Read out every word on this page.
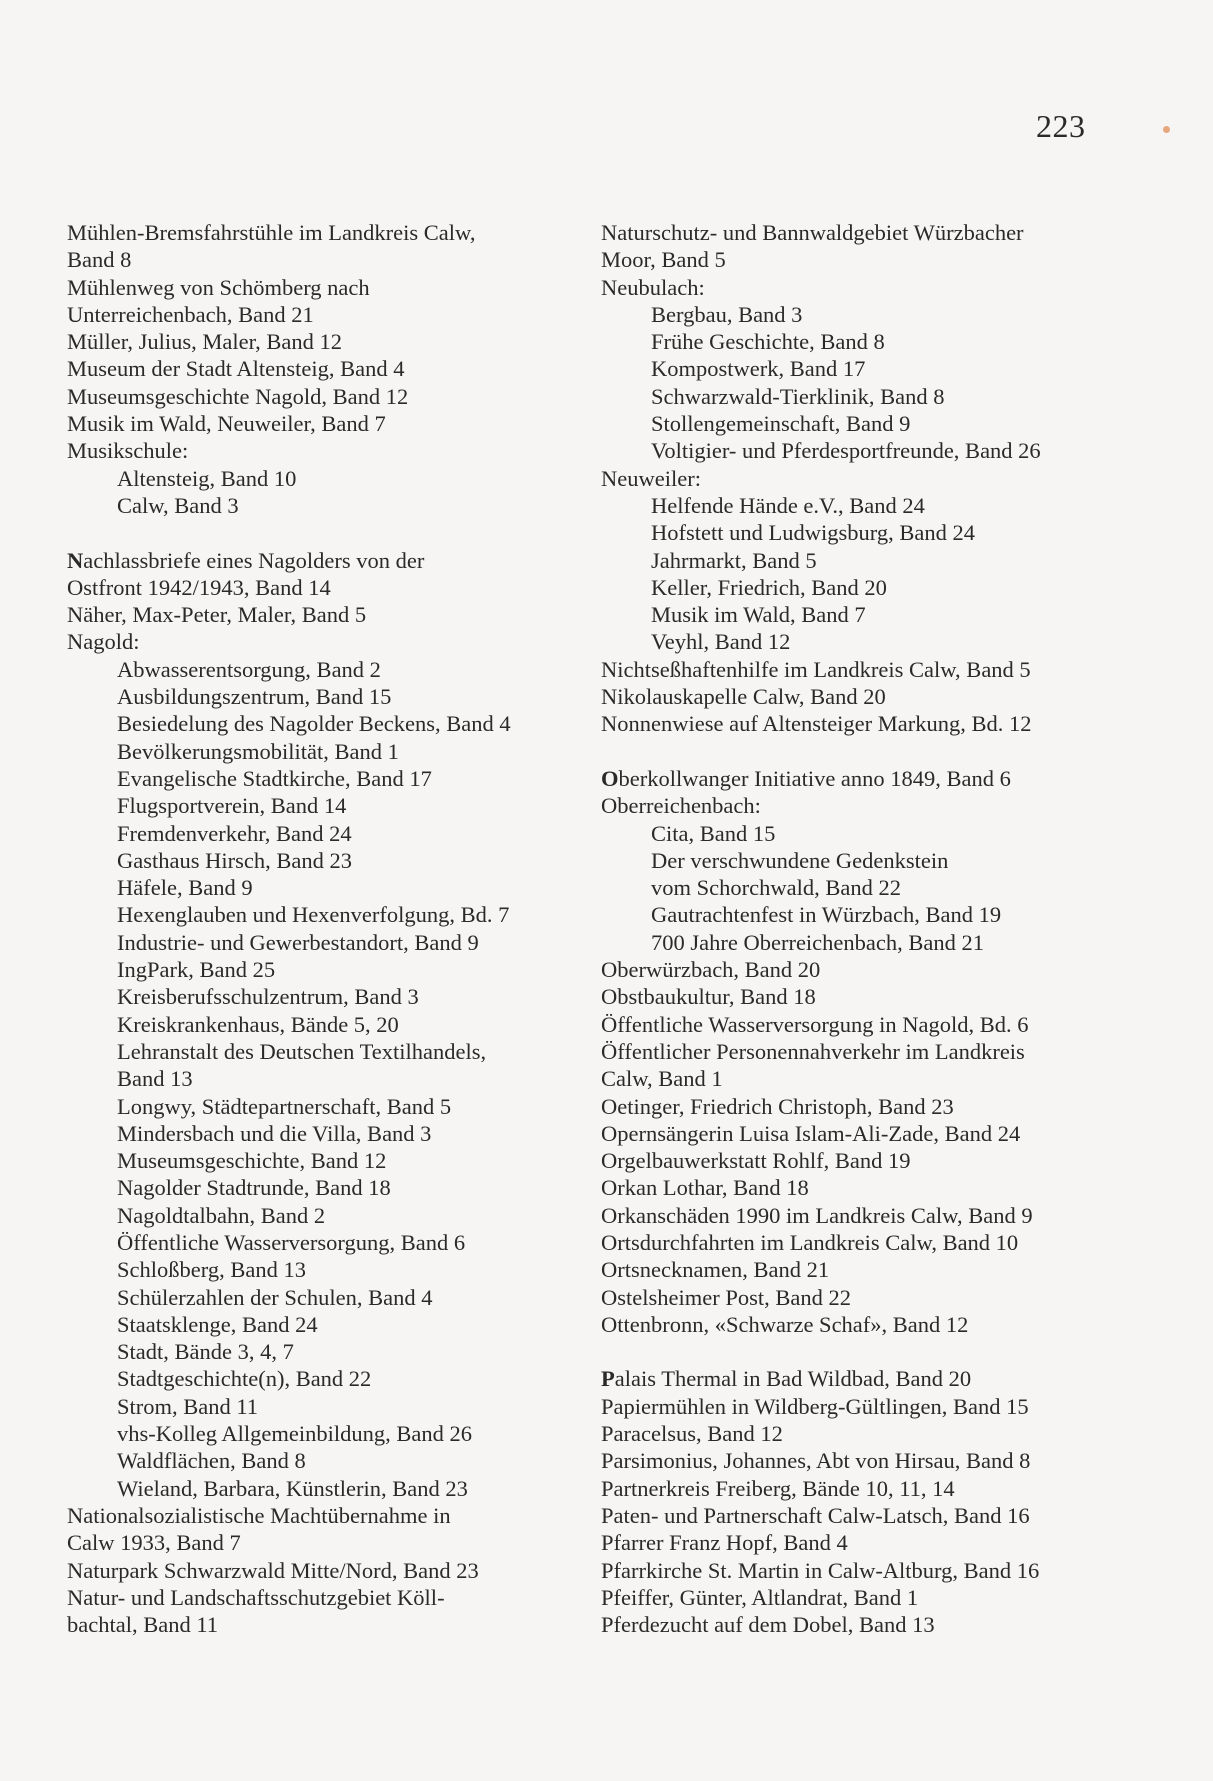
223
Mühlen-Bremsfahrstühle im Landkreis Calw,
Band 8
Mühlenweg von Schömberg nach
Unterreichenbach, Band 21
Müller, Julius, Maler, Band 12
Museum der Stadt Altensteig, Band 4
Museumsgeschichte Nagold, Band 12
Musik im Wald, Neuweiler, Band 7
Musikschule:
Altensteig, Band 10
Calw, Band 3
Nachlassbriefe eines Nagolders von der
Ostfront 1942/1943, Band 14
Näher, Max-Peter, Maler, Band 5
Nagold:
Abwasserentsorgung, Band 2
Ausbildungszentrum, Band 15
Besiedelung des Nagolder Beckens, Band 4
Bevölkerungsmobilität, Band 1
Evangelische Stadtkirche, Band 17
Flugsportverein, Band 14
Fremdenverkehr, Band 24
Gasthaus Hirsch, Band 23
Häfele, Band 9
Hexenglauben und Hexenverfolgung, Bd. 7
Industrie- und Gewerbestandort, Band 9
IngPark, Band 25
Kreisberufsschulzentrum, Band 3
Kreiskrankenhaus, Bände 5, 20
Lehranstalt des Deutschen Textilhandels,
Band 13
Longwy, Städtepartnerschaft, Band 5
Mindersbach und die Villa, Band 3
Museumsgeschichte, Band 12
Nagolder Stadtrunde, Band 18
Nagoldtalbahn, Band 2
Öffentliche Wasserversorgung, Band 6
Schloßberg, Band 13
Schülerzahlen der Schulen, Band 4
Staatsklenge, Band 24
Stadt, Bände 3, 4, 7
Stadtgeschichte(n), Band 22
Strom, Band 11
vhs-Kolleg Allgemeinbildung, Band 26
Waldflächen, Band 8
Wieland, Barbara, Künstlerin, Band 23
Nationalsozialistische Machtübernahme in
Calw 1933, Band 7
Naturpark Schwarzwald Mitte/Nord, Band 23
Natur- und Landschaftsschutzgebiet Köll-
bachtal, Band 11
Naturschutz- und Bannwaldgebiet Würzbacher
Moor, Band 5
Neubulach:
Bergbau, Band 3
Frühe Geschichte, Band 8
Kompostwerk, Band 17
Schwarzwald-Tierklinik, Band 8
Stollengemeinschaft, Band 9
Voltigier- und Pferdesportfreunde, Band 26
Neuweiler:
Helfende Hände e.V., Band 24
Hofstett und Ludwigsburg, Band 24
Jahrmarkt, Band 5
Keller, Friedrich, Band 20
Musik im Wald, Band 7
Veyhl, Band 12
Nichtseßhaftenhilfe im Landkreis Calw, Band 5
Nikolauskapelle Calw, Band 20
Nonnenwiese auf Altensteiger Markung, Bd. 12
Oberkollwanger Initiative anno 1849, Band 6
Oberreichenbach:
Cita, Band 15
Der verschwundene Gedenkstein
vom Schorchwald, Band 22
Gautrachtenfest in Würzbach, Band 19
700 Jahre Oberreichenbach, Band 21
Oberwürzbach, Band 20
Obstbaukultur, Band 18
Öffentliche Wasserversorgung in Nagold, Bd. 6
Öffentlicher Personennahverkehr im Landkreis
Calw, Band 1
Oetinger, Friedrich Christoph, Band 23
Opernsängerin Luisa Islam-Ali-Zade, Band 24
Orgelbauwerkstatt Rohlf, Band 19
Orkan Lothar, Band 18
Orkanschäden 1990 im Landkreis Calw, Band 9
Ortsdurchfahrten im Landkreis Calw, Band 10
Ortsnecknamen, Band 21
Ostelsheimer Post, Band 22
Ottenbronn, «Schwarze Schaf», Band 12
Palais Thermal in Bad Wildbad, Band 20
Papiermühlen in Wildberg-Gültlingen, Band 15
Paracelsus, Band 12
Parsimonius, Johannes, Abt von Hirsau, Band 8
Partnerkreis Freiberg, Bände 10, 11, 14
Paten- und Partnerschaft Calw-Latsch, Band 16
Pfarrer Franz Hopf, Band 4
Pfarrkirche St. Martin in Calw-Altburg, Band 16
Pfeiffer, Günter, Altlandrat, Band 1
Pferdezucht auf dem Dobel, Band 13
